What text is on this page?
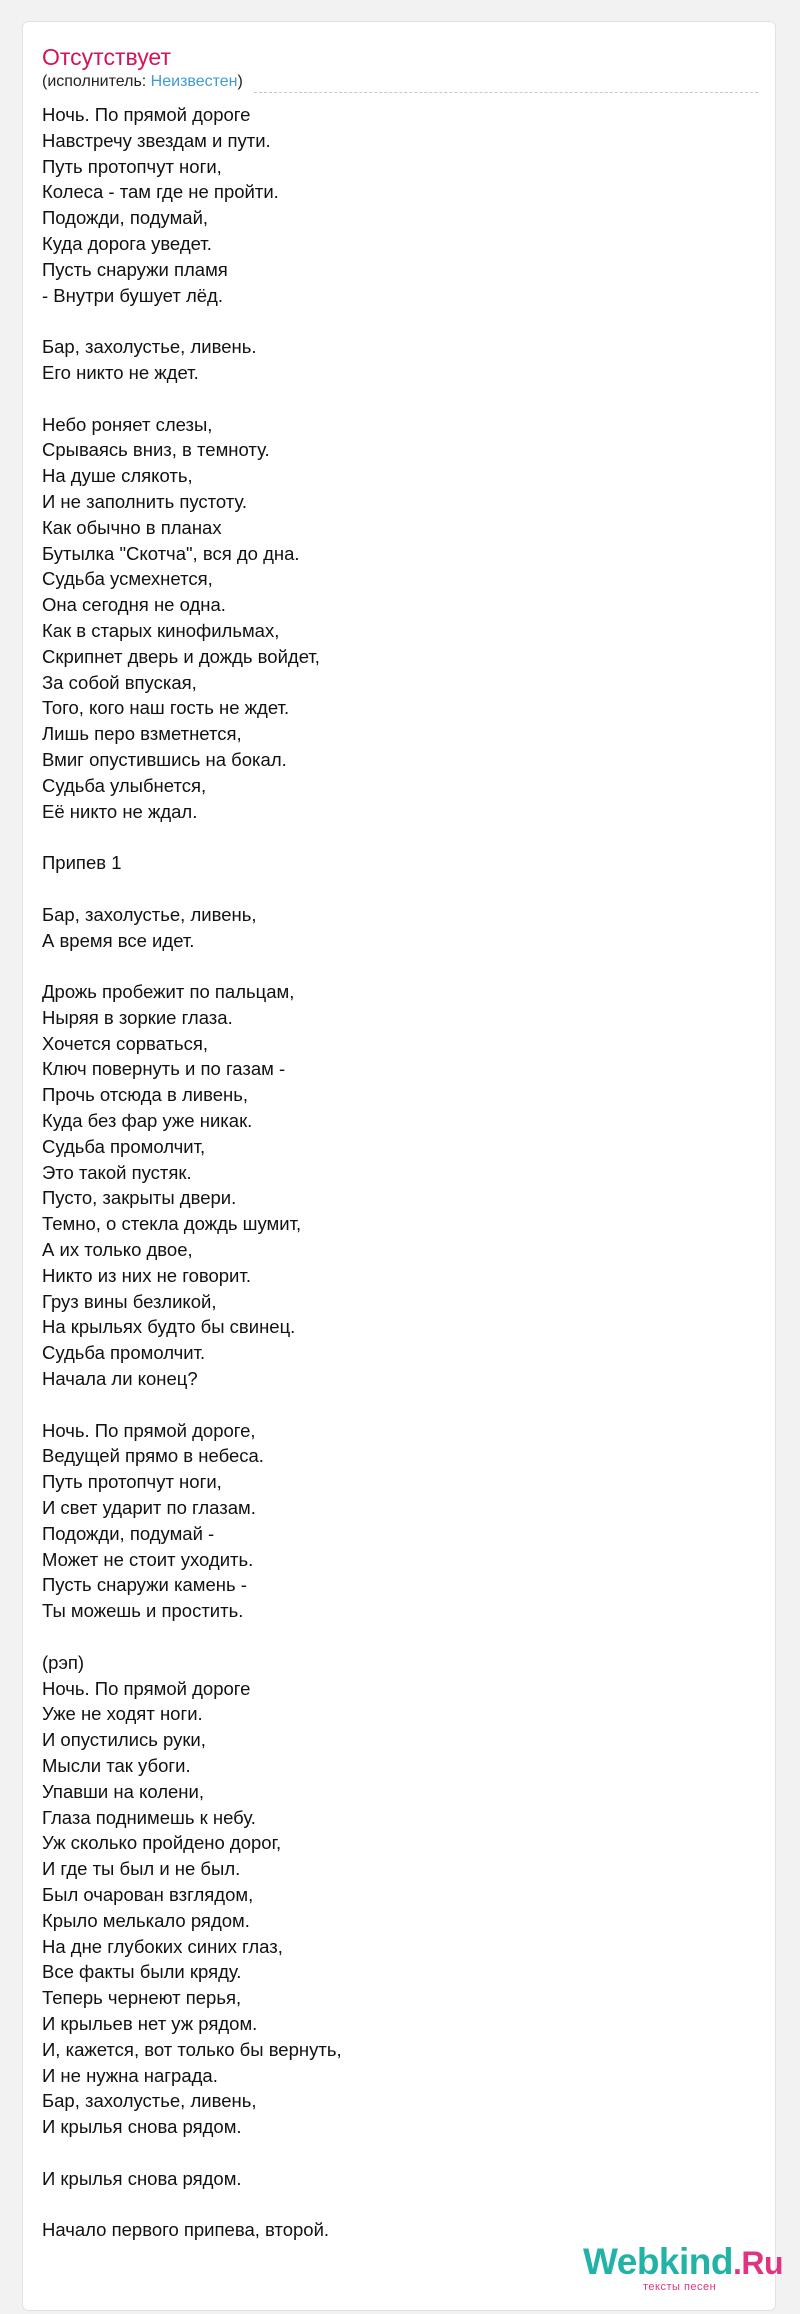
Отсутствует
(исполнитель: Неизвестен)
Ночь. По прямой дороге
Навстречу звездам и пути.
Путь протопчут ноги,
Колеса - там где не пройти.
Подожди, подумай,
Куда дорога уведет.
Пусть снаружи пламя
- Внутри бушует лёд.
Бар, захолустье, ливень.
Его никто не ждет.
Небо роняет слезы,
Срываясь вниз, в темноту.
На душе слякоть,
И не заполнить пустоту.
Как обычно в планах
Бутылка "Скотча", вся до дна.
Судьба усмехнется,
Она сегодня не одна.
Как в старых кинофильмах,
Скрипнет дверь и дождь войдет,
За собой впуская,
Того, кого наш гость не ждет.
Лишь перо взметнется,
Вмиг опустившись на бокал.
Судьба улыбнется,
Её никто не ждал.
Припев 1
Бар, захолустье, ливень,
А время все идет.
Дрожь пробежит по пальцам,
Ныряя в зоркие глаза.
Хочется сорваться,
Ключ повернуть и по газам -
Прочь отсюда в ливень,
Куда без фар уже никак.
Судьба промолчит,
Это такой пустяк.
Пусто, закрыты двери.
Темно, о стекла дождь шумит,
А их только двое,
Никто из них не говорит.
Груз вины безликой,
На крыльях будто бы свинец.
Судьба промолчит.
Начала ли конец?
Ночь. По прямой дороге,
Ведущей прямо в небеса.
Путь протопчут ноги,
И свет ударит по глазам.
Подожди, подумай -
Может не стоит уходить.
Пусть снаружи камень -
Ты можешь и простить.
(рэп)
Ночь. По прямой дороге
Уже не ходят ноги.
И опустились руки,
Мысли так убоги.
Упавши на колени,
Глаза поднимешь к небу.
Уж сколько пройдено дорог,
И где ты был и не был.
Был очарован взглядом,
Крыло мелькало рядом.
На дне глубоких синих глаз,
Все факты были кряду.
Теперь чернеют перья,
И крыльев нет уж рядом.
И, кажется, вот только бы вернуть,
И не нужна награда.
Бар, захолустье, ливень,
И крылья снова рядом.
И крылья снова рядом.
Начало первого припева, второй.
Webkind.Ru
тексты песен
